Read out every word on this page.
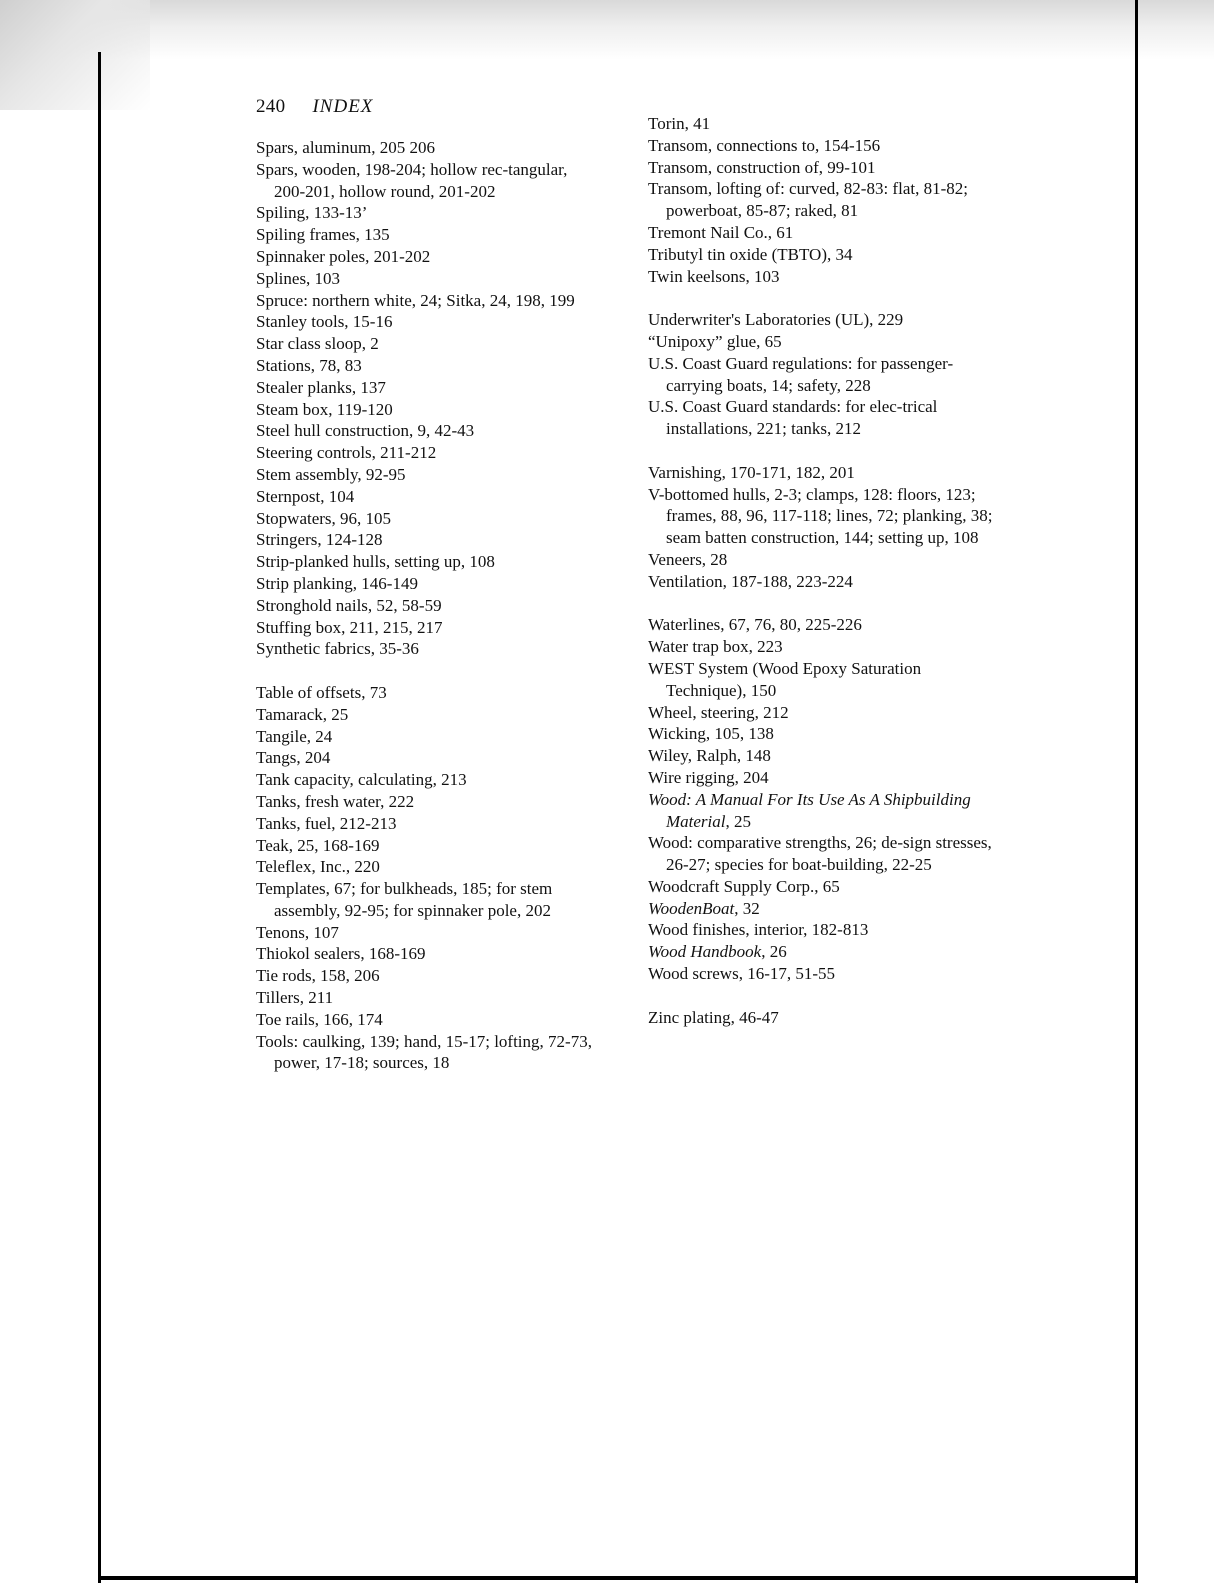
240 INDEX
Spars, aluminum, 205 206
Spars, wooden, 198-204; hollow rec-tangular, 200-201, hollow round, 201-202
Spiling, 133-13’
Spiling frames, 135
Spinnaker poles, 201-202
Splines, 103
Spruce: northern white, 24; Sitka, 24, 198, 199
Stanley tools, 15-16
Star class sloop, 2
Stations, 78, 83
Stealer planks, 137
Steam box, 119-120
Steel hull construction, 9, 42-43
Steering controls, 211-212
Stem assembly, 92-95
Sternpost, 104
Stopwaters, 96, 105
Stringers, 124-128
Strip-planked hulls, setting up, 108
Strip planking, 146-149
Stronghold nails, 52, 58-59
Stuffing box, 211, 215, 217
Synthetic fabrics, 35-36
Table of offsets, 73
Tamarack, 25
Tangile, 24
Tangs, 204
Tank capacity, calculating, 213
Tanks, fresh water, 222
Tanks, fuel, 212-213
Teak, 25, 168-169
Teleflex, Inc., 220
Templates, 67; for bulkheads, 185; for stem assembly, 92-95; for spinnaker pole, 202
Tenons, 107
Thiokol sealers, 168-169
Tie rods, 158, 206
Tillers, 211
Toe rails, 166, 174
Tools: caulking, 139; hand, 15-17; lofting, 72-73, power, 17-18; sources, 18
Torin, 41
Transom, connections to, 154-156
Transom, construction of, 99-101
Transom, lofting of: curved, 82-83: flat, 81-82; powerboat, 85-87; raked, 81
Tremont Nail Co., 61
Tributyl tin oxide (TBTO), 34
Twin keelsons, 103
Underwriter's Laboratories (UL), 229
“Unipoxy” glue, 65
U.S. Coast Guard regulations: for passenger-carrying boats, 14; safety, 228
U.S. Coast Guard standards: for elec-trical installations, 221; tanks, 212
Varnishing, 170-171, 182, 201
V-bottomed hulls, 2-3; clamps, 128: floors, 123; frames, 88, 96, 117-118; lines, 72; planking, 38; seam batten construction, 144; setting up, 108
Veneers, 28
Ventilation, 187-188, 223-224
Waterlines, 67, 76, 80, 225-226
Water trap box, 223
WEST System (Wood Epoxy Saturation Technique), 150
Wheel, steering, 212
Wicking, 105, 138
Wiley, Ralph, 148
Wire rigging, 204
Wood: A Manual For Its Use As A Shipbuilding Material, 25
Wood: comparative strengths, 26; de-sign stresses, 26-27; species for boat-building, 22-25
Woodcraft Supply Corp., 65
WoodenBoat, 32
Wood finishes, interior, 182-813
Wood Handbook, 26
Wood screws, 16-17, 51-55
Zinc plating, 46-47
